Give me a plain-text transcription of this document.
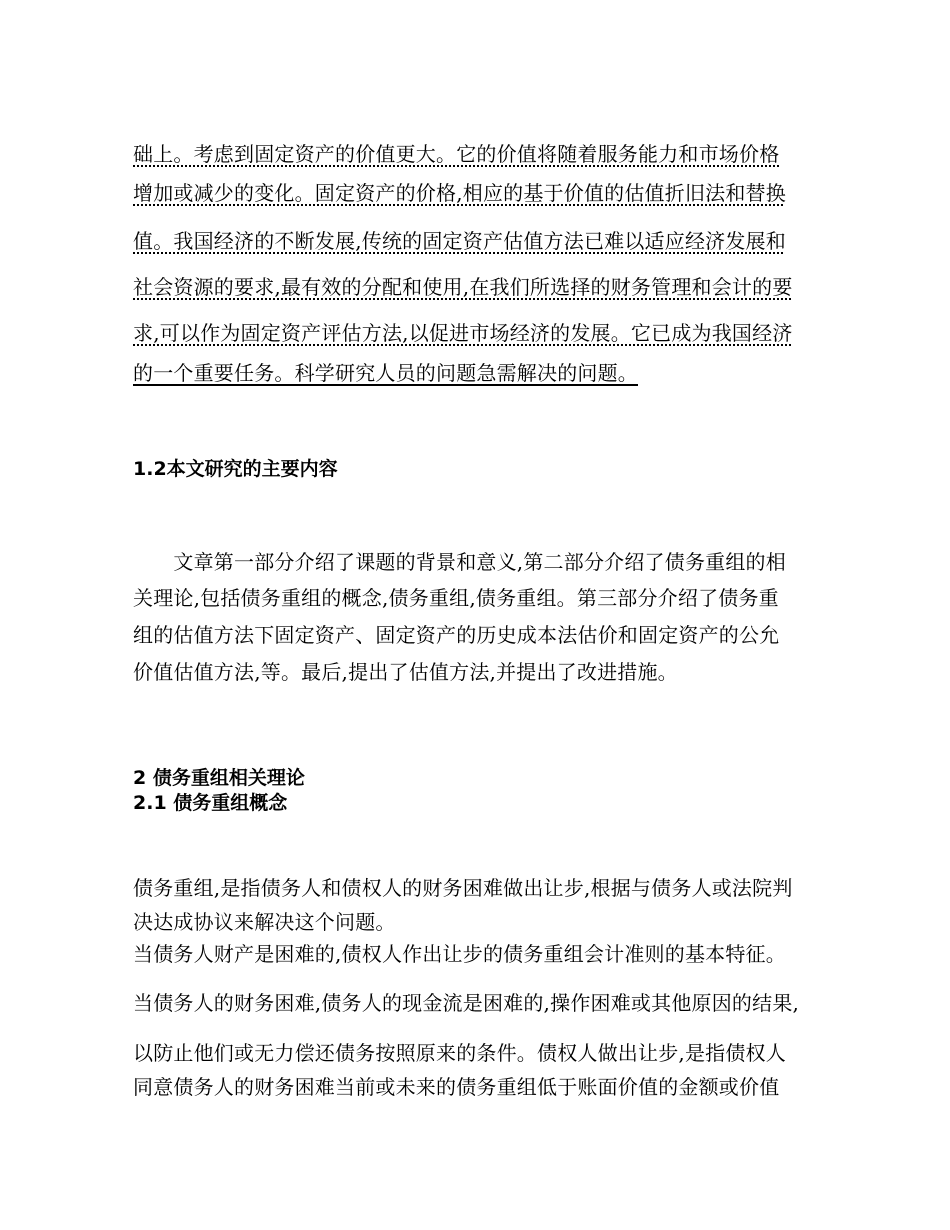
础上。考虑到固定资产的价值更大。它的价值将随着服务能力和市场价格
增加或减少的变化。固定资产的价格,相应的基于价值的估值折旧法和替换
值。我国经济的不断发展,传统的固定资产估值方法已难以适应经济发展和
社会资源的要求,最有效的分配和使用,在我们所选择的财务管理和会计的要
求,可以作为固定资产评估方法,以促进市场经济的发展。它已成为我国经济
的一个重要任务。科学研究人员的问题急需解决的问题。
1.2本文研究的主要内容
　　文章第一部分介绍了课题的背景和意义,第二部分介绍了债务重组的相
关理论,包括债务重组的概念,债务重组,债务重组。第三部分介绍了债务重
组的估值方法下固定资产、固定资产的历史成本法估价和固定资产的公允
价值估值方法,等。最后,提出了估值方法,并提出了改进措施。
2 债务重组相关理论
2.1 债务重组概念
债务重组,是指债务人和债权人的财务困难做出让步,根据与债务人或法院判
决达成协议来解决这个问题。
当债务人财产是困难的,债权人作出让步的债务重组会计准则的基本特征。
当债务人的财务困难,债务人的现金流是困难的,操作困难或其他原因的结果,
以防止他们或无力偿还债务按照原来的条件。债权人做出让步,是指债权人
同意债务人的财务困难当前或未来的债务重组低于账面价值的金额或价值
